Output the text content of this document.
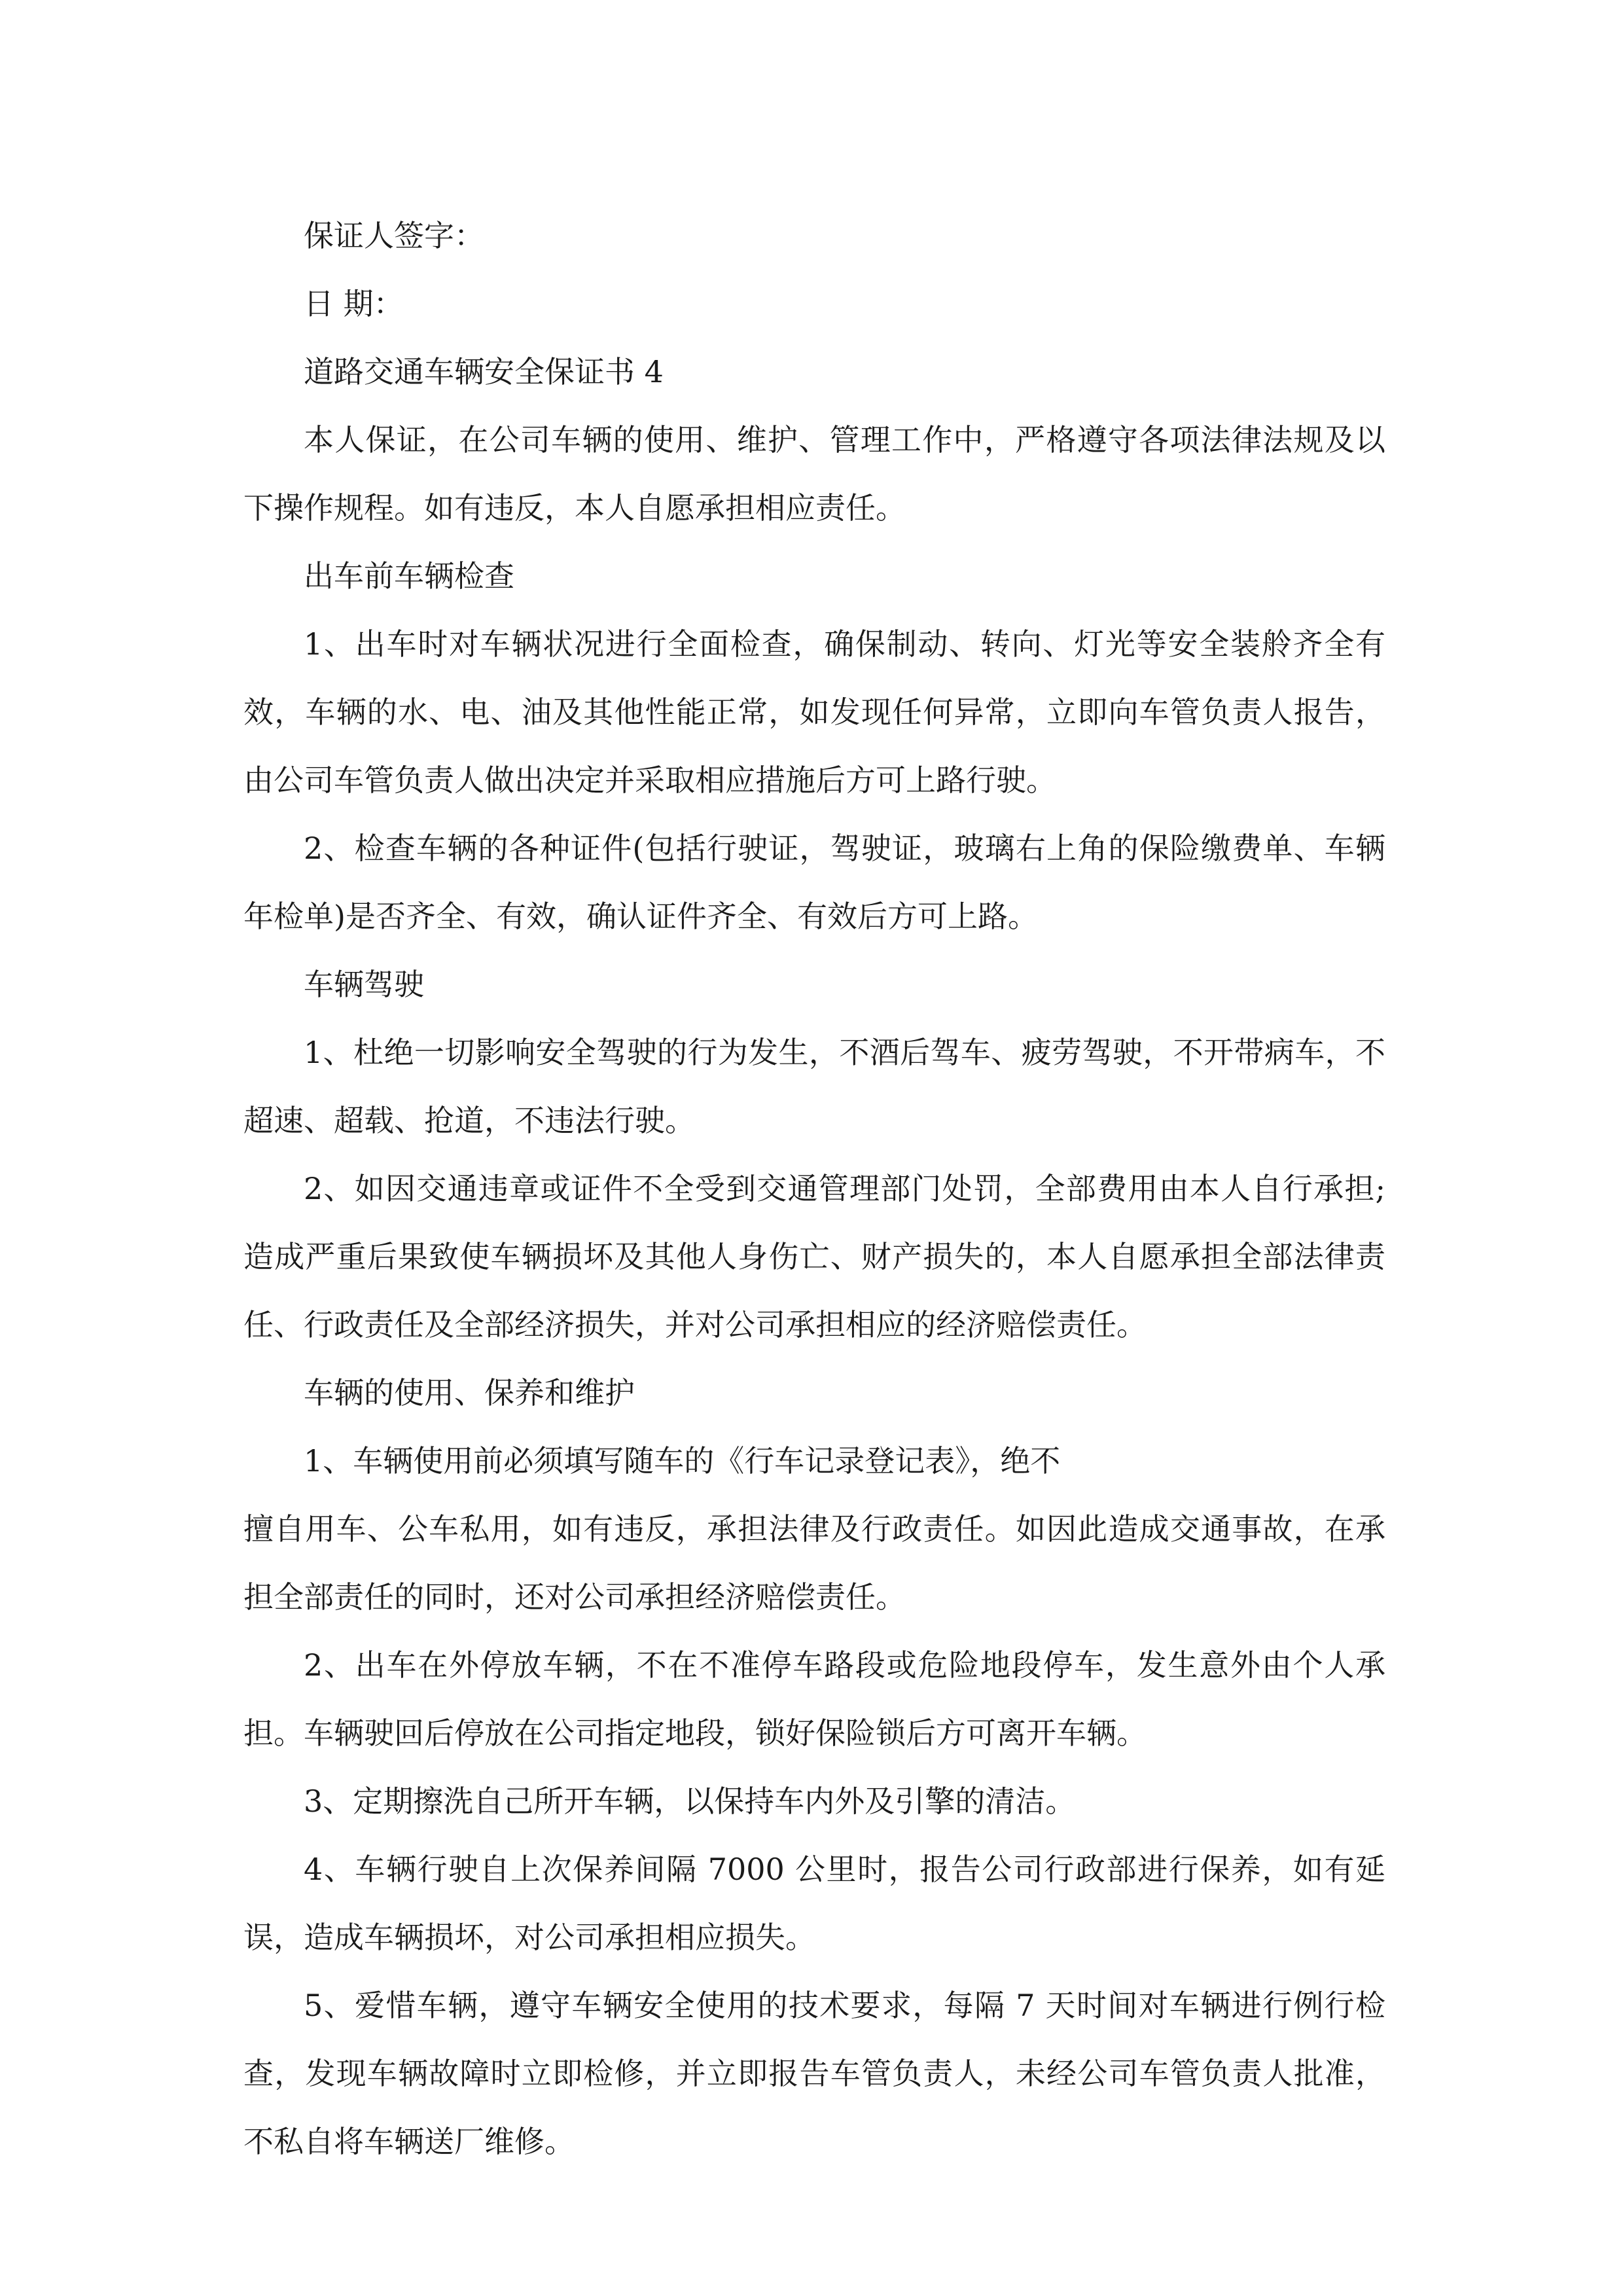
保证人签字：

日 期：

道路交通车辆安全保证书 4

本人保证，在公司车辆的使用、维护、管理工作中，严格遵守各项法律法规及以下操作规程。如有违反，本人自愿承担相应责任。

出车前车辆检查

1、出车时对车辆状况进行全面检查，确保制动、转向、灯光等安全装舲齐全有效，车辆的水、电、油及其他性能正常，如发现任何异常，立即向车管负责人报告，由公司车管负责人做出决定并采取相应措施后方可上路行驶。

2、检查车辆的各种证件(包括行驶证，驾驶证，玻璃右上角的保险缴费单、车辆年检单)是否齐全、有效，确认证件齐全、有效后方可上路。

车辆驾驶

1、杜绝一切影响安全驾驶的行为发生，不酒后驾车、疲劳驾驶，不开带病车，不超速、超载、抢道，不违法行驶。

2、如因交通违章或证件不全受到交通管理部门处罚，全部费用由本人自行承担;造成严重后果致使车辆损坏及其他人身伤亡、财产损失的，本人自愿承担全部法律责任、行政责任及全部经济损失，并对公司承担相应的经济赔偿责任。

车辆的使用、保养和维护

1、车辆使用前必须填写随车的《行车记录登记表》，绝不

擅自用车、公车私用，如有违反，承担法律及行政责任。如因此造成交通事故，在承担全部责任的同时，还对公司承担经济赔偿责任。

2、出车在外停放车辆，不在不准停车路段或危险地段停车，发生意外由个人承担。车辆驶回后停放在公司指定地段，锁好保险锁后方可离开车辆。

3、定期擦洗自己所开车辆，以保持车内外及引擎的清洁。

4、车辆行驶自上次保养间隔 7000 公里时，报告公司行政部进行保养，如有延误，造成车辆损坏，对公司承担相应损失。

5、爱惜车辆，遵守车辆安全使用的技术要求，每隔 7 天时间对车辆进行例行检查，发现车辆故障时立即检修，并立即报告车管负责人，未经公司车管负责人批准，不私自将车辆送厂维修。
